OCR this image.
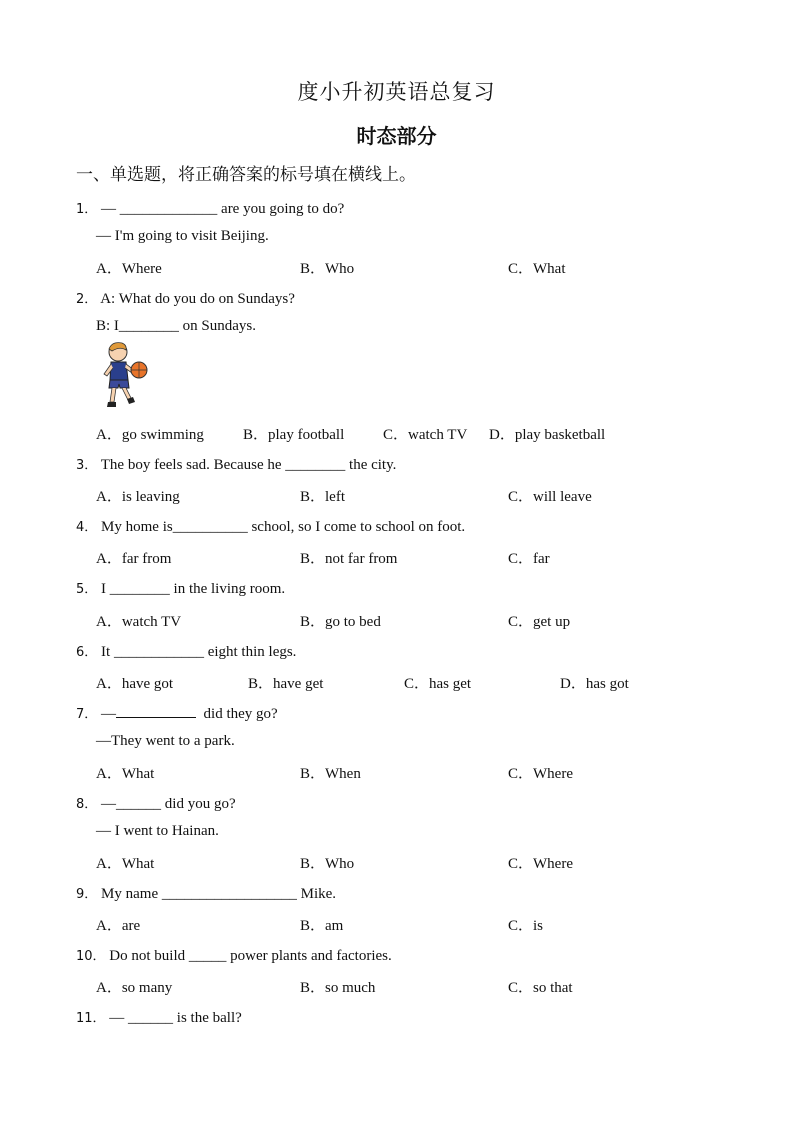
度小升初英语总复习
时态部分
一、单选题，将正确答案的标号填在横线上。
1． — _____________ are you going to do?
— I'm going to visit Beijing.
A．Where	B．Who	C．What
2． A: What do you do on Sundays?
B: I________ on Sundays.
A．go swimming	B．play football	C．watch TV D．play basketball
3． The boy feels sad. Because he ________ the city.
A．is leaving	B．left	C．will leave
4． My home is__________ school, so I come to school on foot.
A．far from	B．not far from	C．far
5． I ________ in the living room.
A．watch TV	B．go to bed	C．get up
6． It ____________ eight thin legs.
A．have got	B．have get	C．has get	D．has got
7． —	did they go?
—They went to a park.
A．What	B．When	C．Where
8． —______ did you go?
— I went to Hainan.
A．What	B．Who	C．Where
9． My name __________________ Mike.
A．are	B．am	C．is
10． Do not build _____ power plants and factories.
A．so many	B．so much	C．so that
11． — ______ is the ball?
